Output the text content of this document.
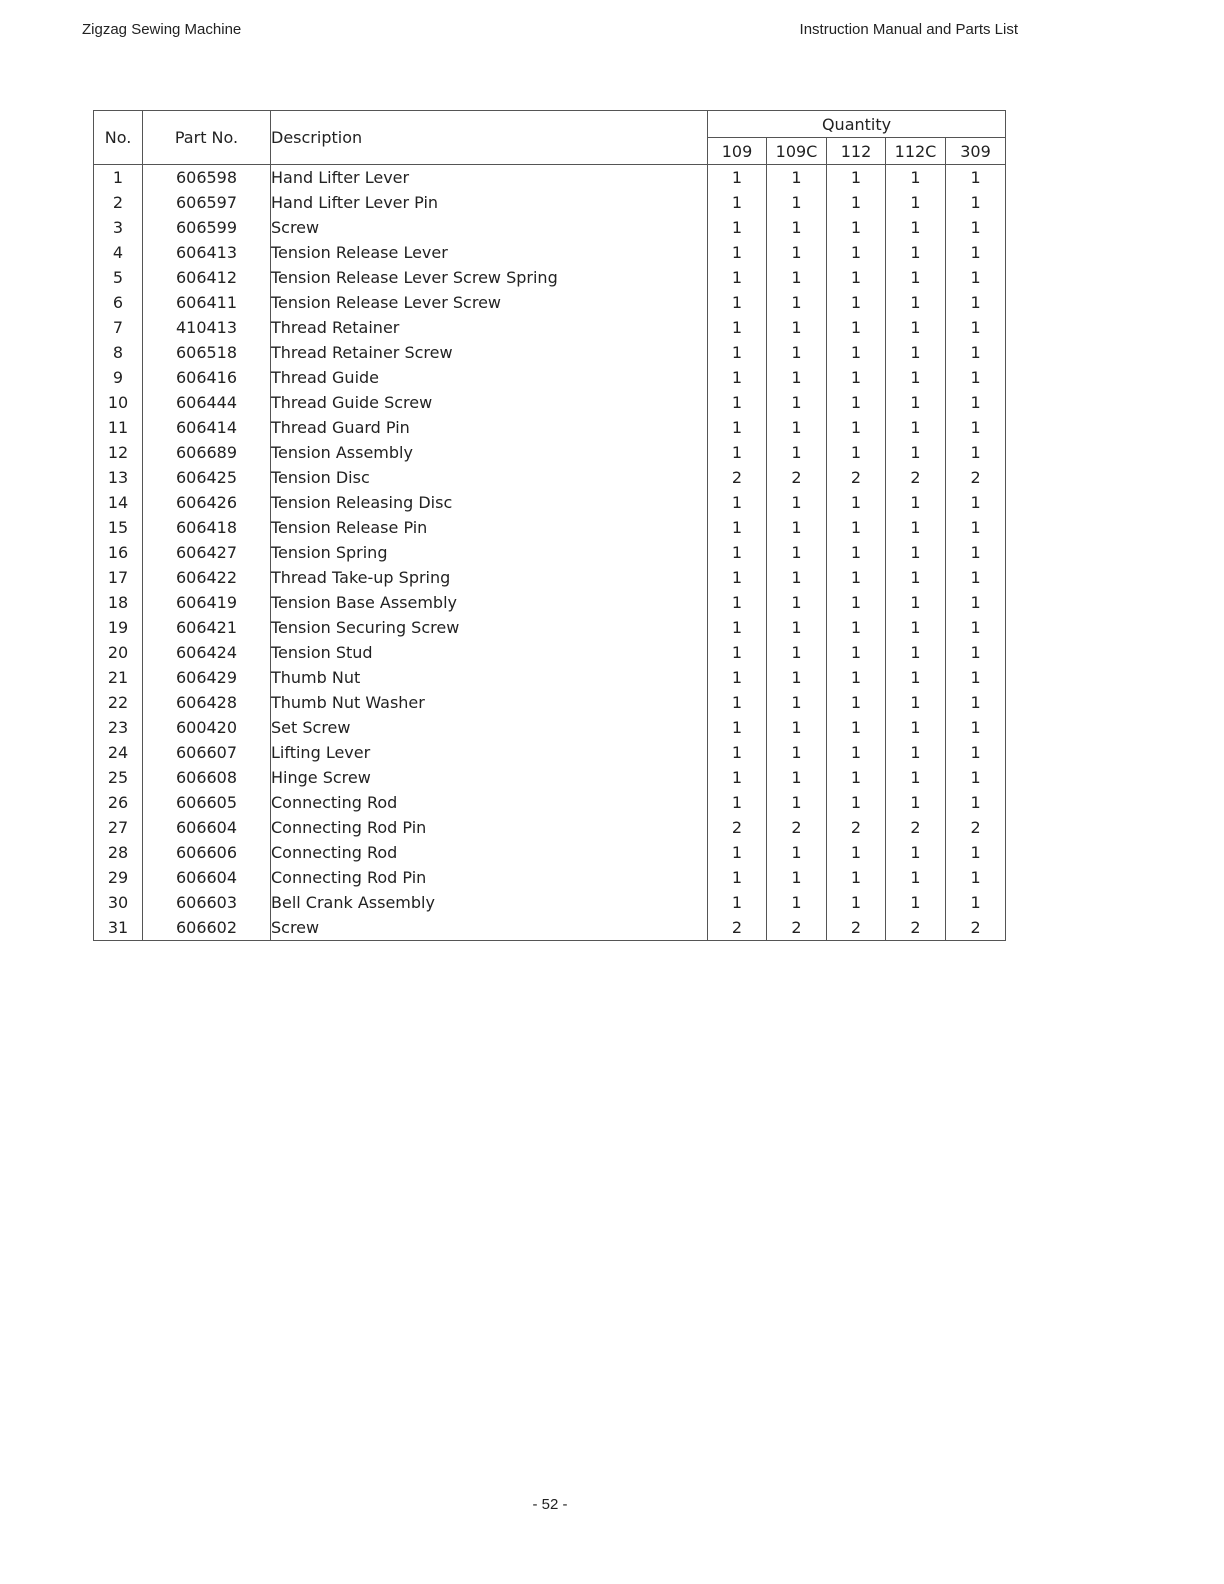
Zigzag Sewing Machine	Instruction Manual and Parts List
No.	Part No.	Description	Quantity				
			109	109C	112	112C	309
1	606598	Hand Lifter Lever	1	1	1	1	1
2	606597	Hand Lifter Lever Pin	1	1	1	1	1
3	606599	Screw	1	1	1	1	1
4	606413	Tension Release Lever	1	1	1	1	1
5	606412	Tension Release Lever Screw Spring	1	1	1	1	1
6	606411	Tension Release Lever Screw	1	1	1	1	1
7	410413	Thread Retainer	1	1	1	1	1
8	606518	Thread Retainer Screw	1	1	1	1	1
9	606416	Thread Guide	1	1	1	1	1
10	606444	Thread Guide Screw	1	1	1	1	1
11	606414	Thread Guard Pin	1	1	1	1	1
12	606689	Tension Assembly	1	1	1	1	1
13	606425	Tension Disc	2	2	2	2	2
14	606426	Tension Releasing Disc	1	1	1	1	1
15	606418	Tension Release Pin	1	1	1	1	1
16	606427	Tension Spring	1	1	1	1	1
17	606422	Thread Take-up Spring	1	1	1	1	1
18	606419	Tension Base Assembly	1	1	1	1	1
19	606421	Tension Securing Screw	1	1	1	1	1
20	606424	Tension Stud	1	1	1	1	1
21	606429	Thumb Nut	1	1	1	1	1
22	606428	Thumb Nut Washer	1	1	1	1	1
23	600420	Set Screw	1	1	1	1	1
24	606607	Lifting Lever	1	1	1	1	1
25	606608	Hinge Screw	1	1	1	1	1
26	606605	Connecting Rod	1	1	1	1	1
27	606604	Connecting Rod Pin	2	2	2	2	2
28	606606	Connecting Rod	1	1	1	1	1
29	606604	Connecting Rod Pin	1	1	1	1	1
30	606603	Bell Crank Assembly	1	1	1	1	1
31	606602	Screw	2	2	2	2	2
- 52 -
